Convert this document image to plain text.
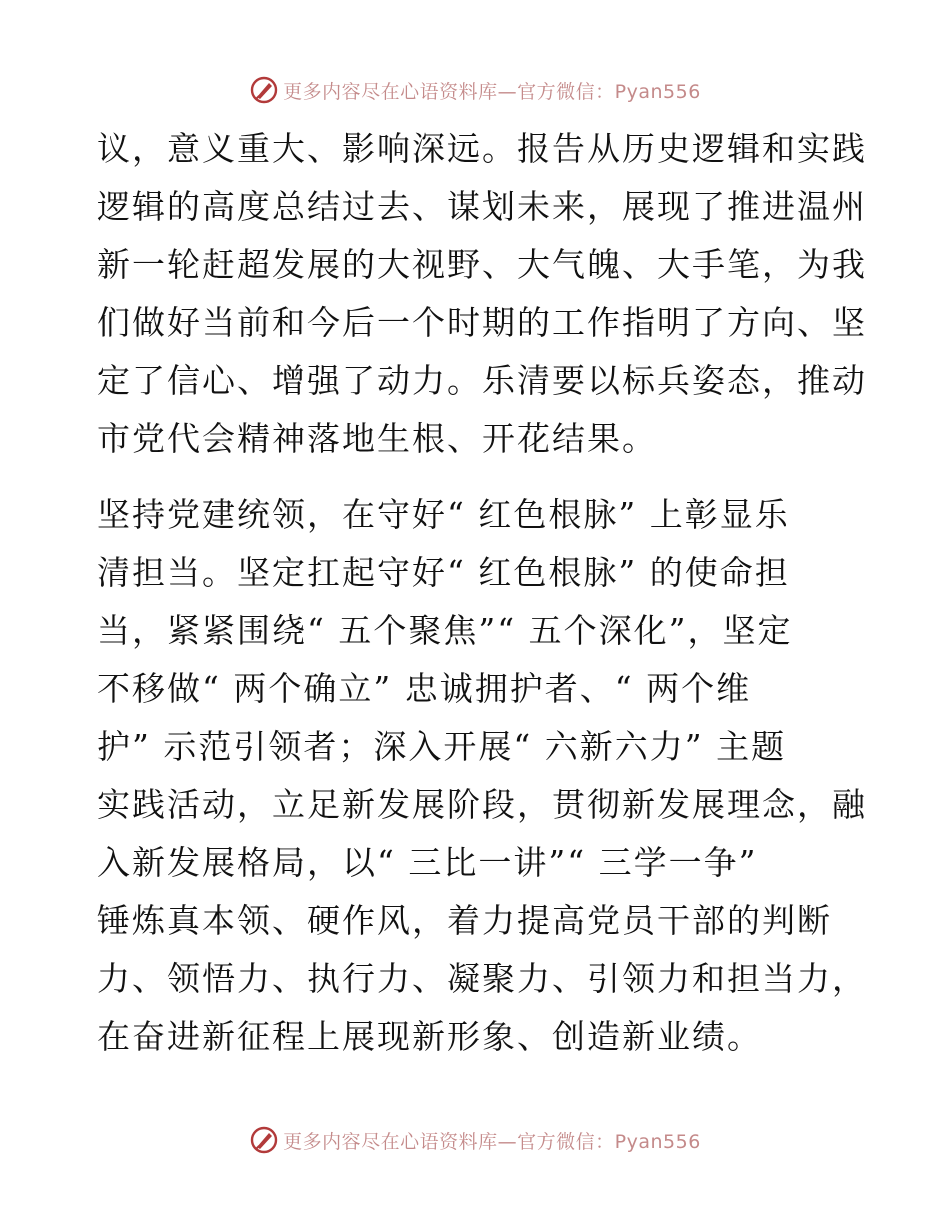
更多内容尽在心语资料库—官方微信：Pyan556

议，意义重大、影响深远。报告从历史逻辑和实践
逻辑的高度总结过去、谋划未来，展现了推进温州
新一轮赶超发展的大视野、大气魄、大手笔，为我
们做好当前和今后一个时期的工作指明了方向、坚
定了信心、增强了动力。乐清要以标兵姿态，推动
市党代会精神落地生根、开花结果。

坚持党建统领，在守好“ 红色根脉” 上彰显乐
清担当。坚定扛起守好“ 红色根脉” 的使命担
当，紧紧围绕“ 五个聚焦”“ 五个深化”，坚定
不移做“ 两个确立” 忠诚拥护者、“ 两个维
护” 示范引领者；深入开展“ 六新六力” 主题
实践活动，立足新发展阶段，贯彻新发展理念，融
入新发展格局，以“ 三比一讲”“ 三学一争”
锤炼真本领、硬作风，着力提高党员干部的判断
力、领悟力、执行力、凝聚力、引领力和担当力，
在奋进新征程上展现新形象、创造新业绩。

更多内容尽在心语资料库—官方微信：Pyan556
